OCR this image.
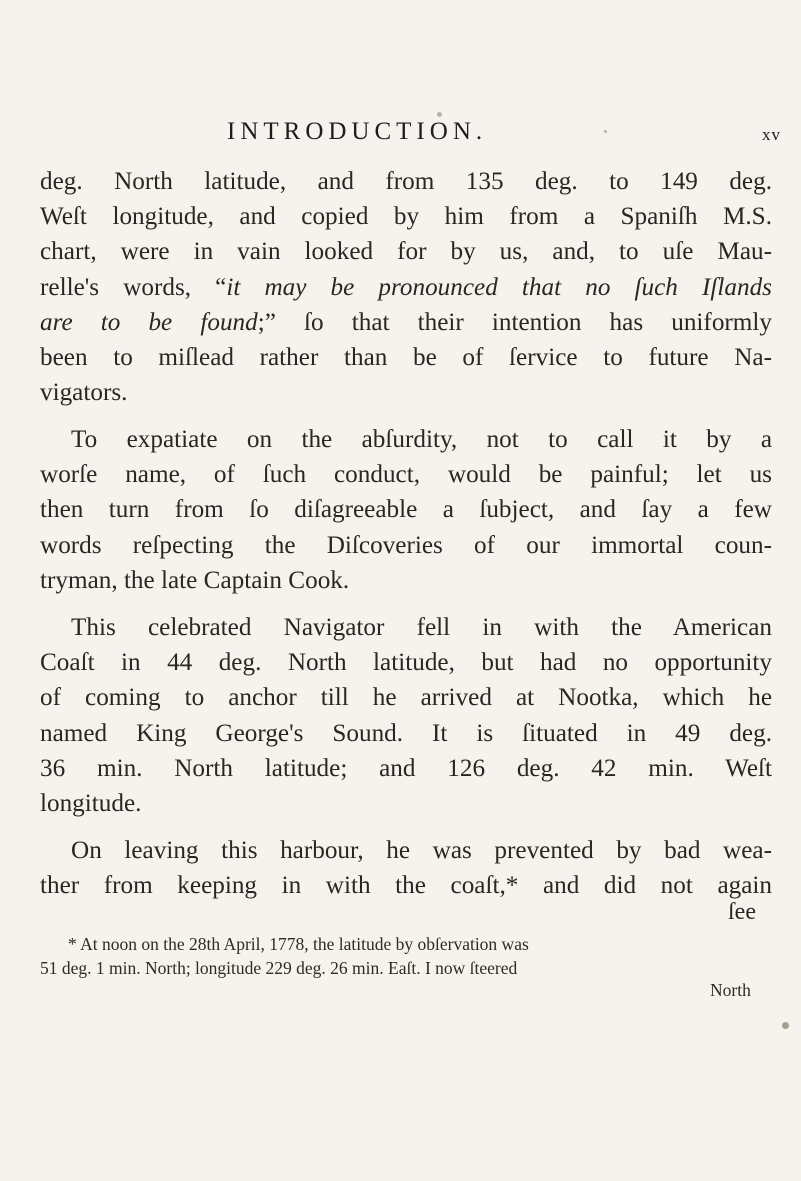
INTRODUCTION.	xv
deg. North latitude, and from 135 deg. to 149 deg.
Weſt longitude, and copied by him from a Spaniſh M.S.
chart, were in vain looked for by us, and, to uſe Mau-
relle's words, “it may be pronounced that no ſuch Iſlands
are to be found;” ſo that their intention has uniformly
been to miſlead rather than be of ſervice to future Na-
vigators.
To expatiate on the abſurdity, not to call it by a
worſe name, of ſuch conduct, would be painful; let us
then turn from ſo diſagreeable a ſubject, and ſay a few
words reſpecting the Diſcoveries of our immortal coun-
tryman, the late Captain Cook.
This celebrated Navigator fell in with the American
Coaſt in 44 deg. North latitude, but had no opportunity
of coming to anchor till he arrived at Nootka, which he
named King George's Sound. It is ſituated in 49 deg.
36 min. North latitude; and 126 deg. 42 min. Weſt
longitude.
On leaving this harbour, he was prevented by bad wea-
ther from keeping in with the coaſt,* and did not again
ſee
* At noon on the 28th April, 1778, the latitude by obſervation was
51 deg. 1 min. North; longitude 229 deg. 26 min. Eaſt. I now ſteered
North
